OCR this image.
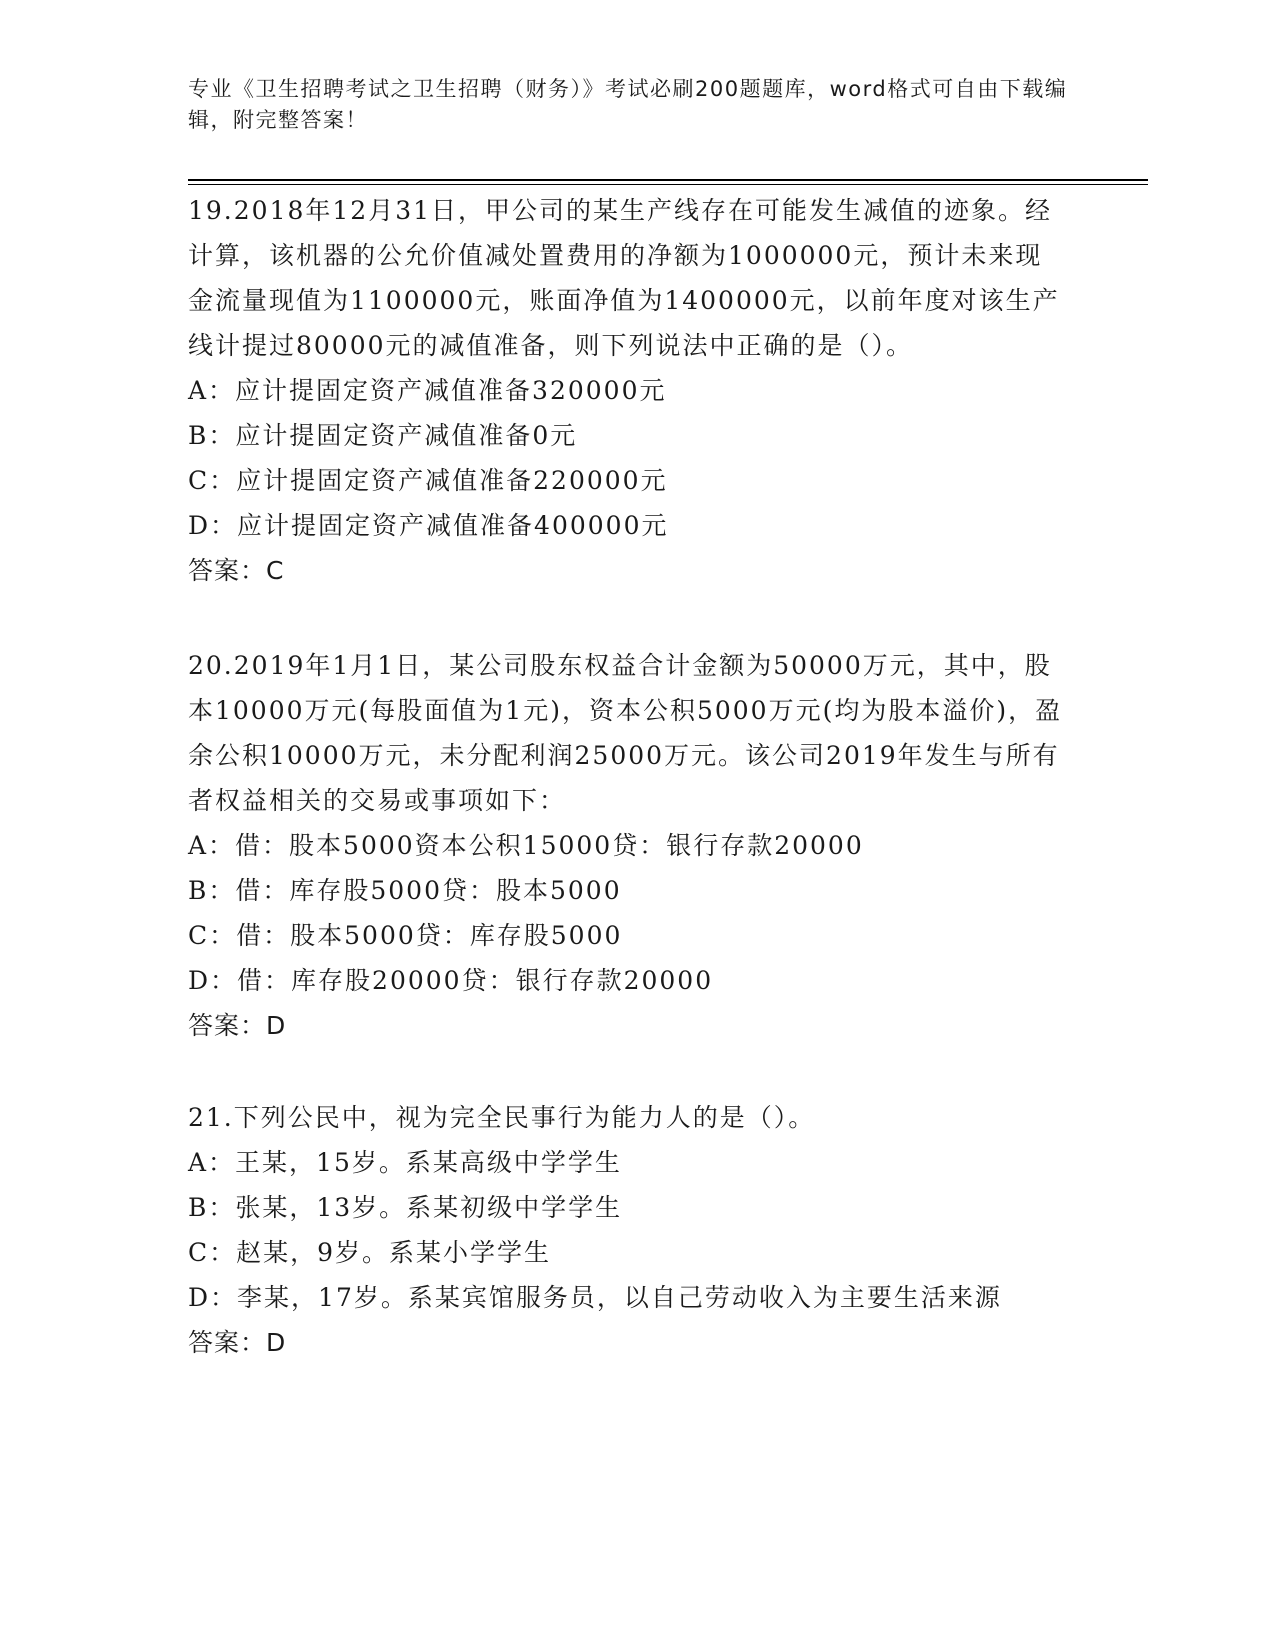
专业《卫生招聘考试之卫生招聘（财务）》考试必刷200题题库，word格式可自由下载编辑，附完整答案！
19.2018年12月31日，甲公司的某生产线存在可能发生减值的迹象。经计算，该机器的公允价值减处置费用的净额为1000000元，预计未来现金流量现值为1100000元，账面净值为1400000元，以前年度对该生产线计提过80000元的减值准备，则下列说法中正确的是（）。
A：应计提固定资产减值准备320000元
B：应计提固定资产减值准备0元
C：应计提固定资产减值准备220000元
D：应计提固定资产减值准备400000元
答案：C
20.2019年1月1日，某公司股东权益合计金额为50000万元，其中，股本10000万元(每股面值为1元)，资本公积5000万元(均为股本溢价)，盈余公积10000万元，未分配利润25000万元。该公司2019年发生与所有者权益相关的交易或事项如下：
A：借：股本5000资本公积15000贷：银行存款20000
B：借：库存股5000贷：股本5000
C：借：股本5000贷：库存股5000
D：借：库存股20000贷：银行存款20000
答案：D
21.下列公民中，视为完全民事行为能力人的是（）。
A：王某，15岁。系某高级中学学生
B：张某，13岁。系某初级中学学生
C：赵某，9岁。系某小学学生
D：李某，17岁。系某宾馆服务员，以自己劳动收入为主要生活来源
答案：D
